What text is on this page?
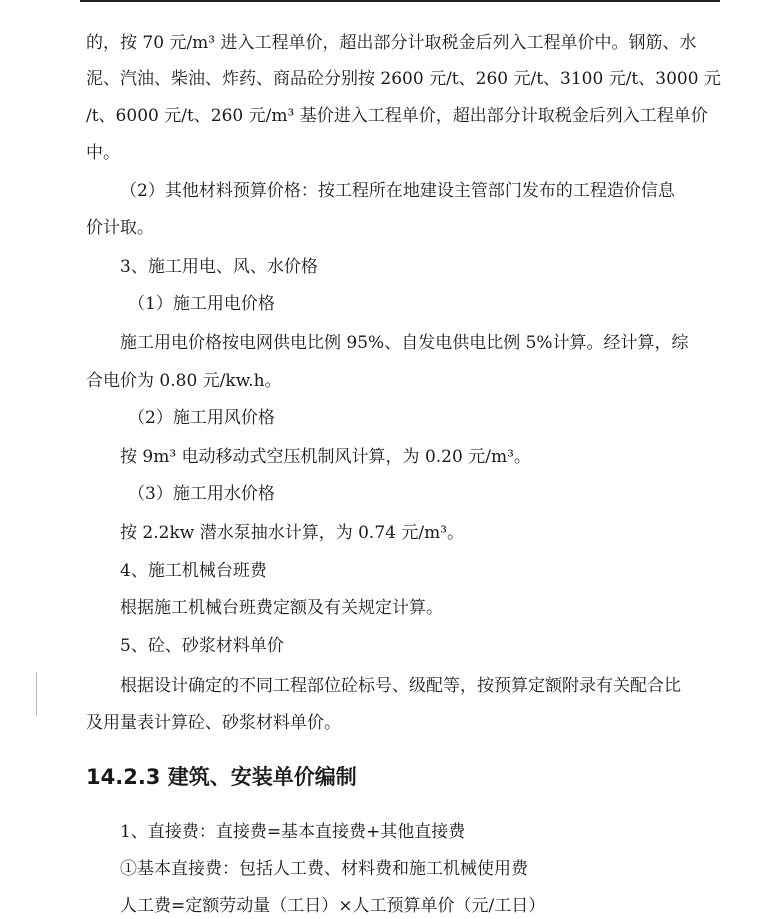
的，按 70 元/m³ 进入工程单价，超出部分计取税金后列入工程单价中。钢筋、水
泥、汽油、柴油、炸药、商品砼分别按 2600 元/t、260 元/t、3100 元/t、3000 元
/t、6000 元/t、260 元/m³ 基价进入工程单价，超出部分计取税金后列入工程单价
中。
（2）其他材料预算价格：按工程所在地建设主管部门发布的工程造价信息
价计取。
3、施工用电、风、水价格
（1）施工用电价格
施工用电价格按电网供电比例 95%、自发电供电比例 5%计算。经计算，综
合电价为 0.80 元/kw.h。
（2）施工用风价格
按 9m³ 电动移动式空压机制风计算，为 0.20 元/m³。
（3）施工用水价格
按 2.2kw 潜水泵抽水计算，为 0.74 元/m³。
4、施工机械台班费
根据施工机械台班费定额及有关规定计算。
5、砼、砂浆材料单价
根据设计确定的不同工程部位砼标号、级配等，按预算定额附录有关配合比
及用量表计算砼、砂浆材料单价。
14.2.3 建筑、安装单价编制
1、直接费：直接费=基本直接费+其他直接费
①基本直接费：包括人工费、材料费和施工机械使用费
人工费=定额劳动量（工日）×人工预算单价（元/工日）
